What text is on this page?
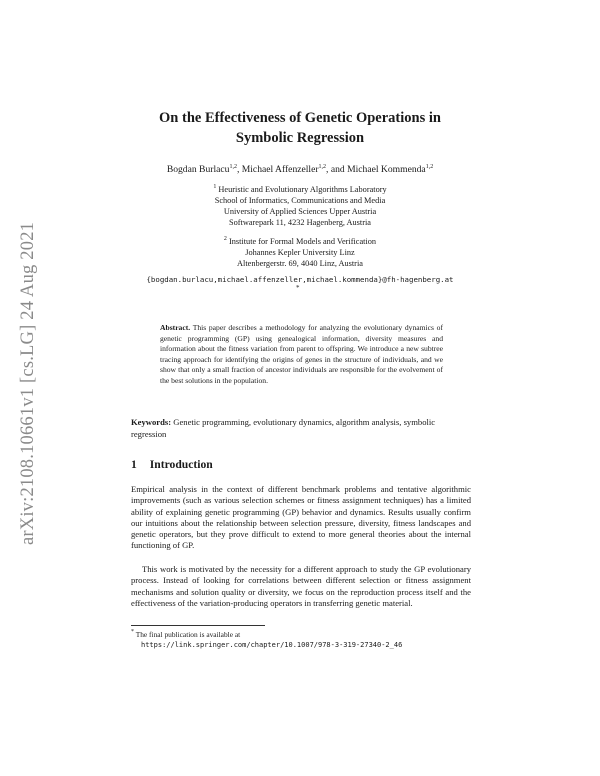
arXiv:2108.10661v1 [cs.LG] 24 Aug 2021
On the Effectiveness of Genetic Operations in
Symbolic Regression
Bogdan Burlacu$^{1,2}$, Michael Affenzeller$^{1,2}$, and Michael Kommenda$^{1,2}$
$^1$ Heuristic and Evolutionary Algorithms Laboratory
School of Informatics, Communications and Media
University of Applied Sciences Upper Austria
Softwarepark 11, 4232 Hagenberg, Austria
$^2$ Institute for Formal Models and Verification
Johannes Kepler University Linz
Altenbergerstr. 69, 4040 Linz, Austria
{bogdan.burlacu,michael.affenzeller,michael.kommenda}@fh-hagenberg.at
*
Abstract. This paper describes a methodology for analyzing the evolutionary dynamics of genetic programming (GP) using genealogical information, diversity measures and information about the fitness variation from parent to offspring. We introduce a new subtree tracing approach for identifying the origins of genes in the structure of individuals, and we show that only a small fraction of ancestor individuals are responsible for the evolvement of the best solutions in the population.
Keywords: Genetic programming, evolutionary dynamics, algorithm analysis, symbolic regression
1 Introduction
Empirical analysis in the context of different benchmark problems and tentative algorithmic improvements (such as various selection schemes or fitness assignment techniques) has a limited ability of explaining genetic programming (GP) behavior and dynamics. Results usually confirm our intuitions about the relationship between selection pressure, diversity, fitness landscapes and genetic operators, but they prove difficult to extend to more general theories about the internal functioning of GP.
This work is motivated by the necessity for a different approach to study the GP evolutionary process. Instead of looking for correlations between different selection or fitness assignment mechanisms and solution quality or diversity, we focus on the reproduction process itself and the effectiveness of the variation-producing operators in transferring genetic material.
* The final publication is available at
https://link.springer.com/chapter/10.1007/978-3-319-27340-2_46
